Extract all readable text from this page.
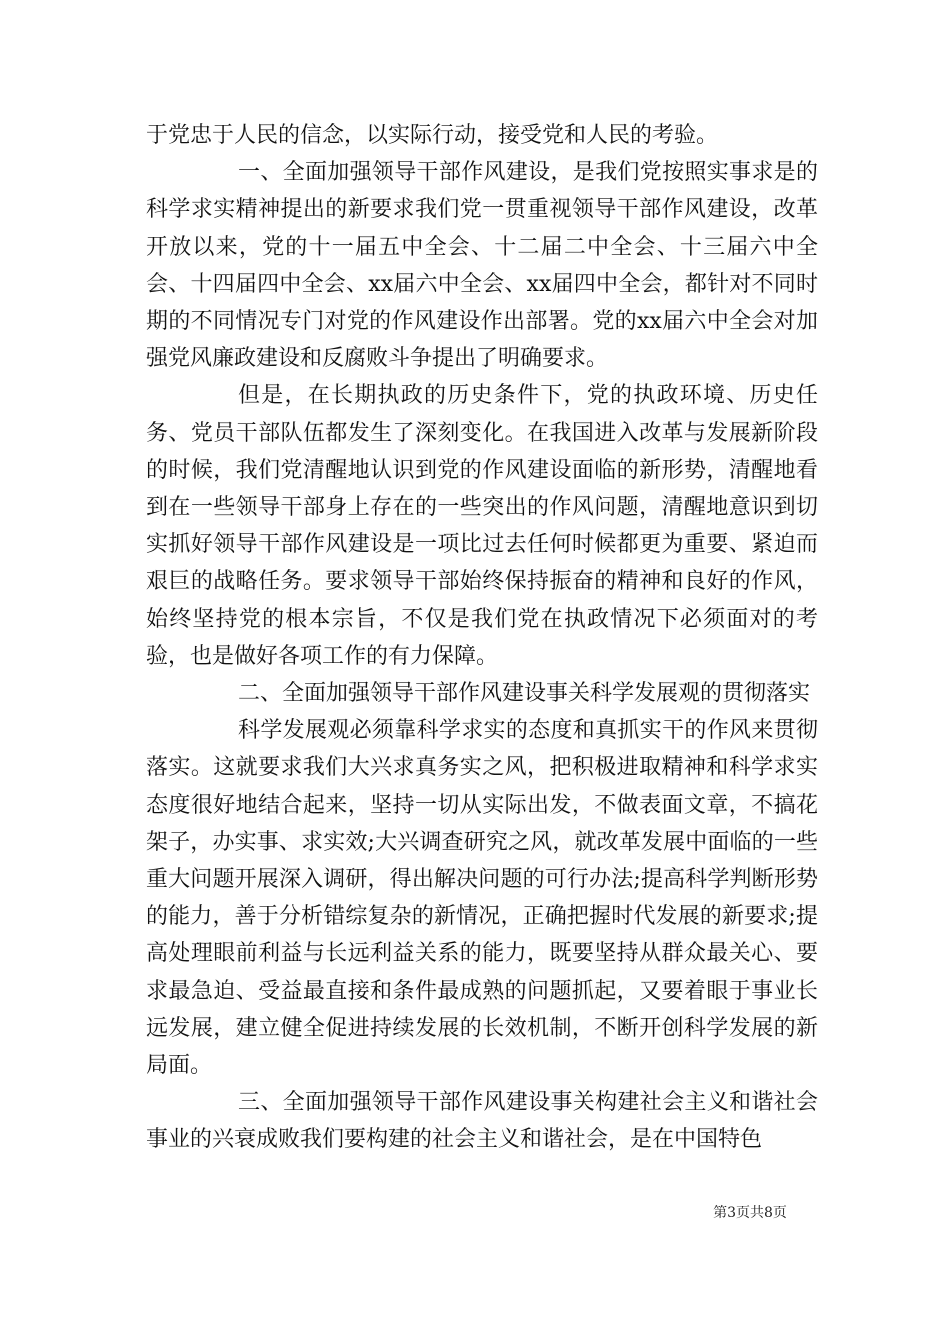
于党忠于人民的信念，以实际行动，接受党和人民的考验。

一、全面加强领导干部作风建设，是我们党按照实事求是的科学求实精神提出的新要求我们党一贯重视领导干部作风建设，改革开放以来，党的十一届五中全会、十二届二中全会、十三届六中全会、十四届四中全会、xx届六中全会、xx届四中全会，都针对不同时期的不同情况专门对党的作风建设作出部署。党的xx届六中全会对加强党风廉政建设和反腐败斗争提出了明确要求。

但是，在长期执政的历史条件下，党的执政环境、历史任务、党员干部队伍都发生了深刻变化。在我国进入改革与发展新阶段的时候，我们党清醒地认识到党的作风建设面临的新形势，清醒地看到在一些领导干部身上存在的一些突出的作风问题，清醒地意识到切实抓好领导干部作风建设是一项比过去任何时候都更为重要、紧迫而艰巨的战略任务。要求领导干部始终保持振奋的精神和良好的作风，始终坚持党的根本宗旨，不仅是我们党在执政情况下必须面对的考验，也是做好各项工作的有力保障。

二、全面加强领导干部作风建设事关科学发展观的贯彻落实

科学发展观必须靠科学求实的态度和真抓实干的作风来贯彻落实。这就要求我们大兴求真务实之风，把积极进取精神和科学求实态度很好地结合起来，坚持一切从实际出发，不做表面文章，不搞花架子，办实事、求实效;大兴调查研究之风，就改革发展中面临的一些重大问题开展深入调研，得出解决问题的可行办法;提高科学判断形势的能力，善于分析错综复杂的新情况，正确把握时代发展的新要求;提高处理眼前利益与长远利益关系的能力，既要坚持从群众最关心、要求最急迫、受益最直接和条件最成熟的问题抓起，又要着眼于事业长远发展，建立健全促进持续发展的长效机制，不断开创科学发展的新局面。

三、全面加强领导干部作风建设事关构建社会主义和谐社会事业的兴衰成败我们要构建的社会主义和谐社会，是在中国特色

第3页共8页
